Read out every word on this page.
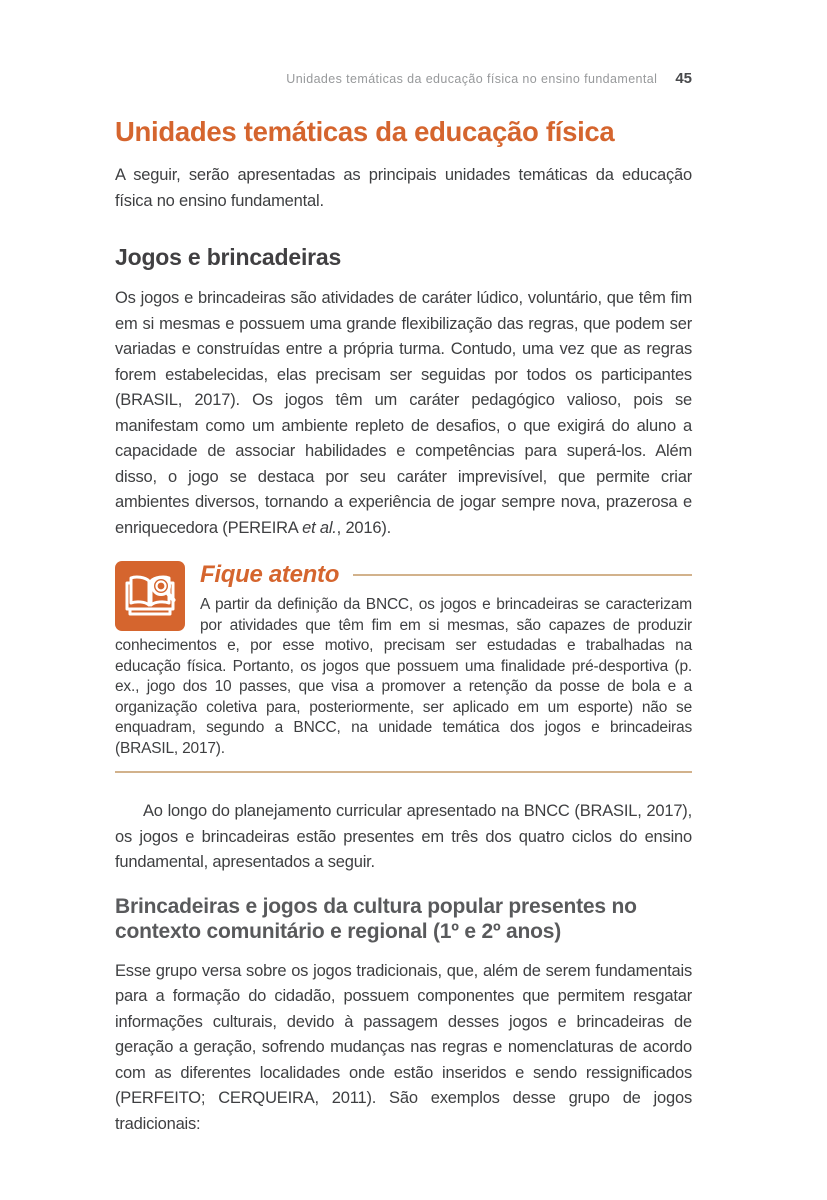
Unidades temáticas da educação física no ensino fundamental 45
Unidades temáticas da educação física

A seguir, serão apresentadas as principais unidades temáticas da educação física no ensino fundamental.

Jogos e brincadeiras

Os jogos e brincadeiras são atividades de caráter lúdico, voluntário, que têm fim em si mesmas e possuem uma grande flexibilização das regras, que podem ser variadas e construídas entre a própria turma. Contudo, uma vez que as regras forem estabelecidas, elas precisam ser seguidas por todos os participantes (BRASIL, 2017). Os jogos têm um caráter pedagógico valioso, pois se manifestam como um ambiente repleto de desafios, o que exigirá do aluno a capacidade de associar habilidades e competências para superá-los. Além disso, o jogo se destaca por seu caráter imprevisível, que permite criar ambientes diversos, tornando a experiência de jogar sempre nova, prazerosa e enriquecedora (PEREIRA et al., 2016).

Fique atento

A partir da definição da BNCC, os jogos e brincadeiras se caracterizam por atividades que têm fim em si mesmas, são capazes de produzir conhecimentos e, por esse motivo, precisam ser estudadas e trabalhadas na educação física. Portanto, os jogos que possuem uma finalidade pré-desportiva (p. ex., jogo dos 10 passes, que visa a promover a retenção da posse de bola e a organização coletiva para, posteriormente, ser aplicado em um esporte) não se enquadram, segundo a BNCC, na unidade temática dos jogos e brincadeiras (BRASIL, 2017).

Ao longo do planejamento curricular apresentado na BNCC (BRASIL, 2017), os jogos e brincadeiras estão presentes em três dos quatro ciclos do ensino fundamental, apresentados a seguir.

Brincadeiras e jogos da cultura popular presentes no
contexto comunitário e regional (1º e 2º anos)

Esse grupo versa sobre os jogos tradicionais, que, além de serem fundamentais para a formação do cidadão, possuem componentes que permitem resgatar informações culturais, devido à passagem desses jogos e brincadeiras de geração a geração, sofrendo mudanças nas regras e nomenclaturas de acordo com as diferentes localidades onde estão inseridos e sendo ressignificados (PERFEITO; CERQUEIRA, 2011). São exemplos desse grupo de jogos tradicionais:
